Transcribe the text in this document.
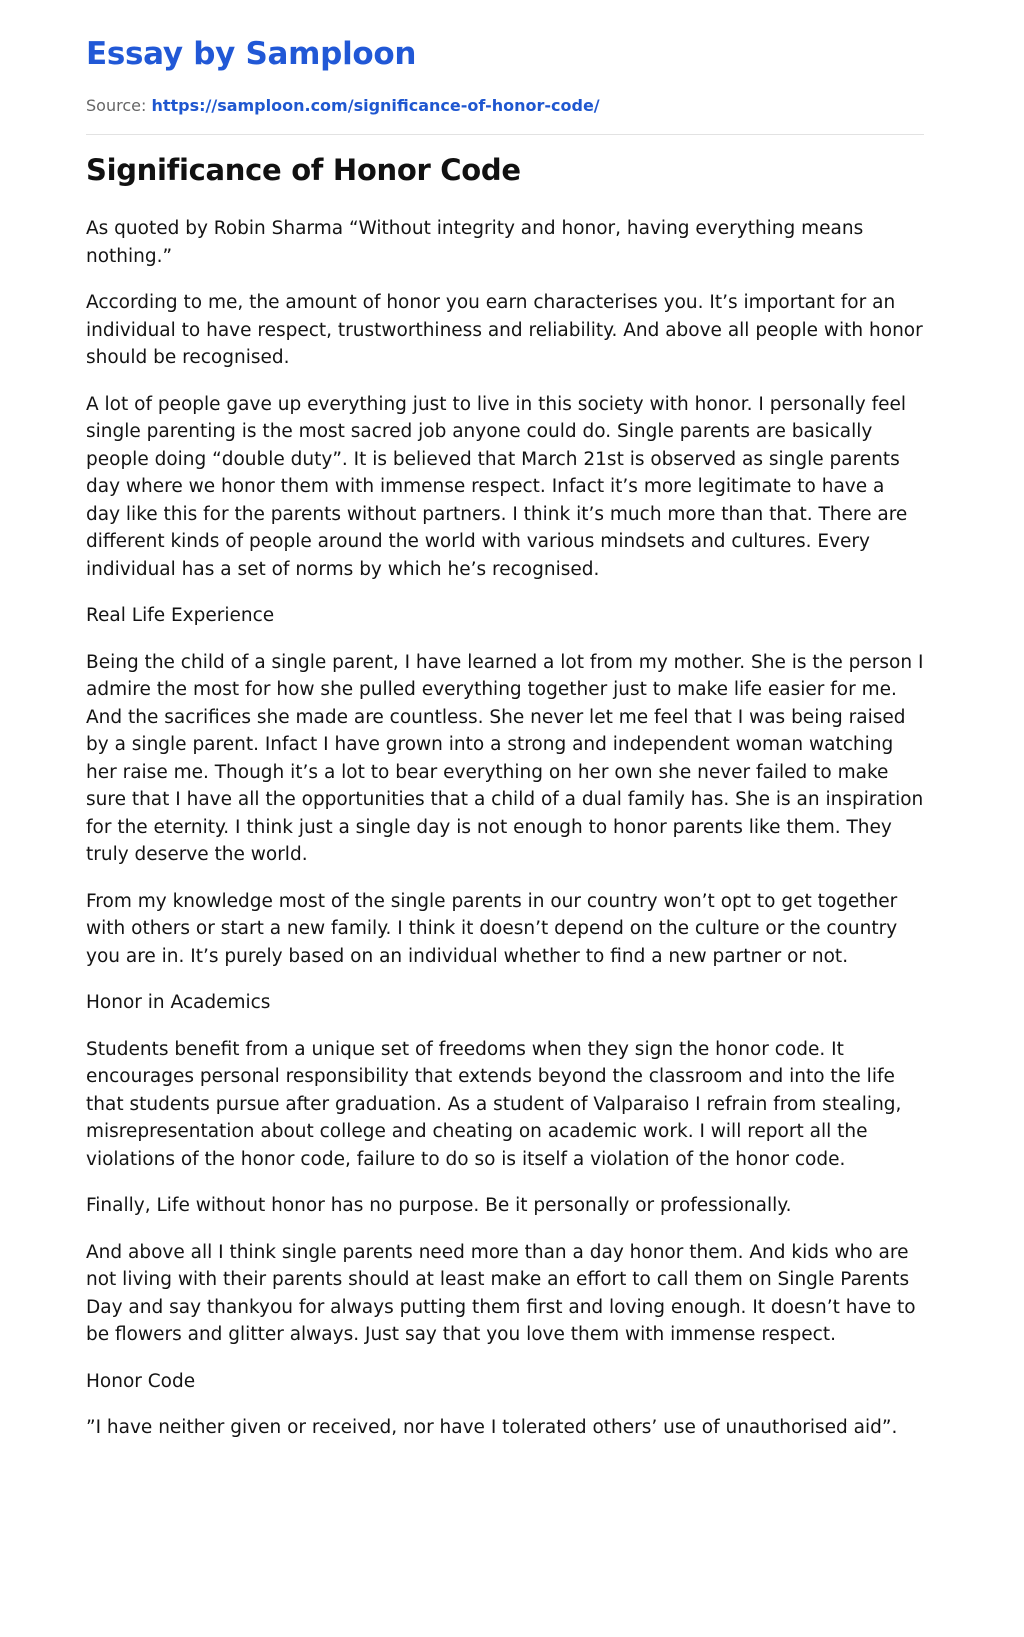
Essay by Samploon
Source: https://samploon.com/significance-of-honor-code/
Significance of Honor Code

As quoted by Robin Sharma “Without integrity and honor, having everything means nothing.”

According to me, the amount of honor you earn characterises you. It’s important for an individual to have respect, trustworthiness and reliability. And above all people with honor should be recognised.

A lot of people gave up everything just to live in this society with honor. I personally feel single parenting is the most sacred job anyone could do. Single parents are basically people doing “double duty”. It is believed that March 21st is observed as single parents day where we honor them with immense respect. Infact it’s more legitimate to have a day like this for the parents without partners. I think it’s much more than that. There are different kinds of people around the world with various mindsets and cultures. Every individual has a set of norms by which he’s recognised.

Real Life Experience

Being the child of a single parent, I have learned a lot from my mother. She is the person I admire the most for how she pulled everything together just to make life easier for me. And the sacrifices she made are countless. She never let me feel that I was being raised by a single parent. Infact I have grown into a strong and independent woman watching her raise me. Though it’s a lot to bear everything on her own she never failed to make sure that I have all the opportunities that a child of a dual family has. She is an inspiration for the eternity. I think just a single day is not enough to honor parents like them. They truly deserve the world.

From my knowledge most of the single parents in our country won’t opt to get together with others or start a new family. I think it doesn’t depend on the culture or the country you are in. It’s purely based on an individual whether to find a new partner or not.

Honor in Academics

Students benefit from a unique set of freedoms when they sign the honor code. It encourages personal responsibility that extends beyond the classroom and into the life that students pursue after graduation. As a student of Valparaiso I refrain from stealing, misrepresentation about college and cheating on academic work. I will report all the violations of the honor code, failure to do so is itself a violation of the honor code.

Finally, Life without honor has no purpose. Be it personally or professionally.

And above all I think single parents need more than a day honor them. And kids who are not living with their parents should at least make an effort to call them on Single Parents Day and say thankyou for always putting them first and loving enough. It doesn’t have to be flowers and glitter always. Just say that you love them with immense respect.

Honor Code

”I have neither given or received, nor have I tolerated others’ use of unauthorised aid”.
